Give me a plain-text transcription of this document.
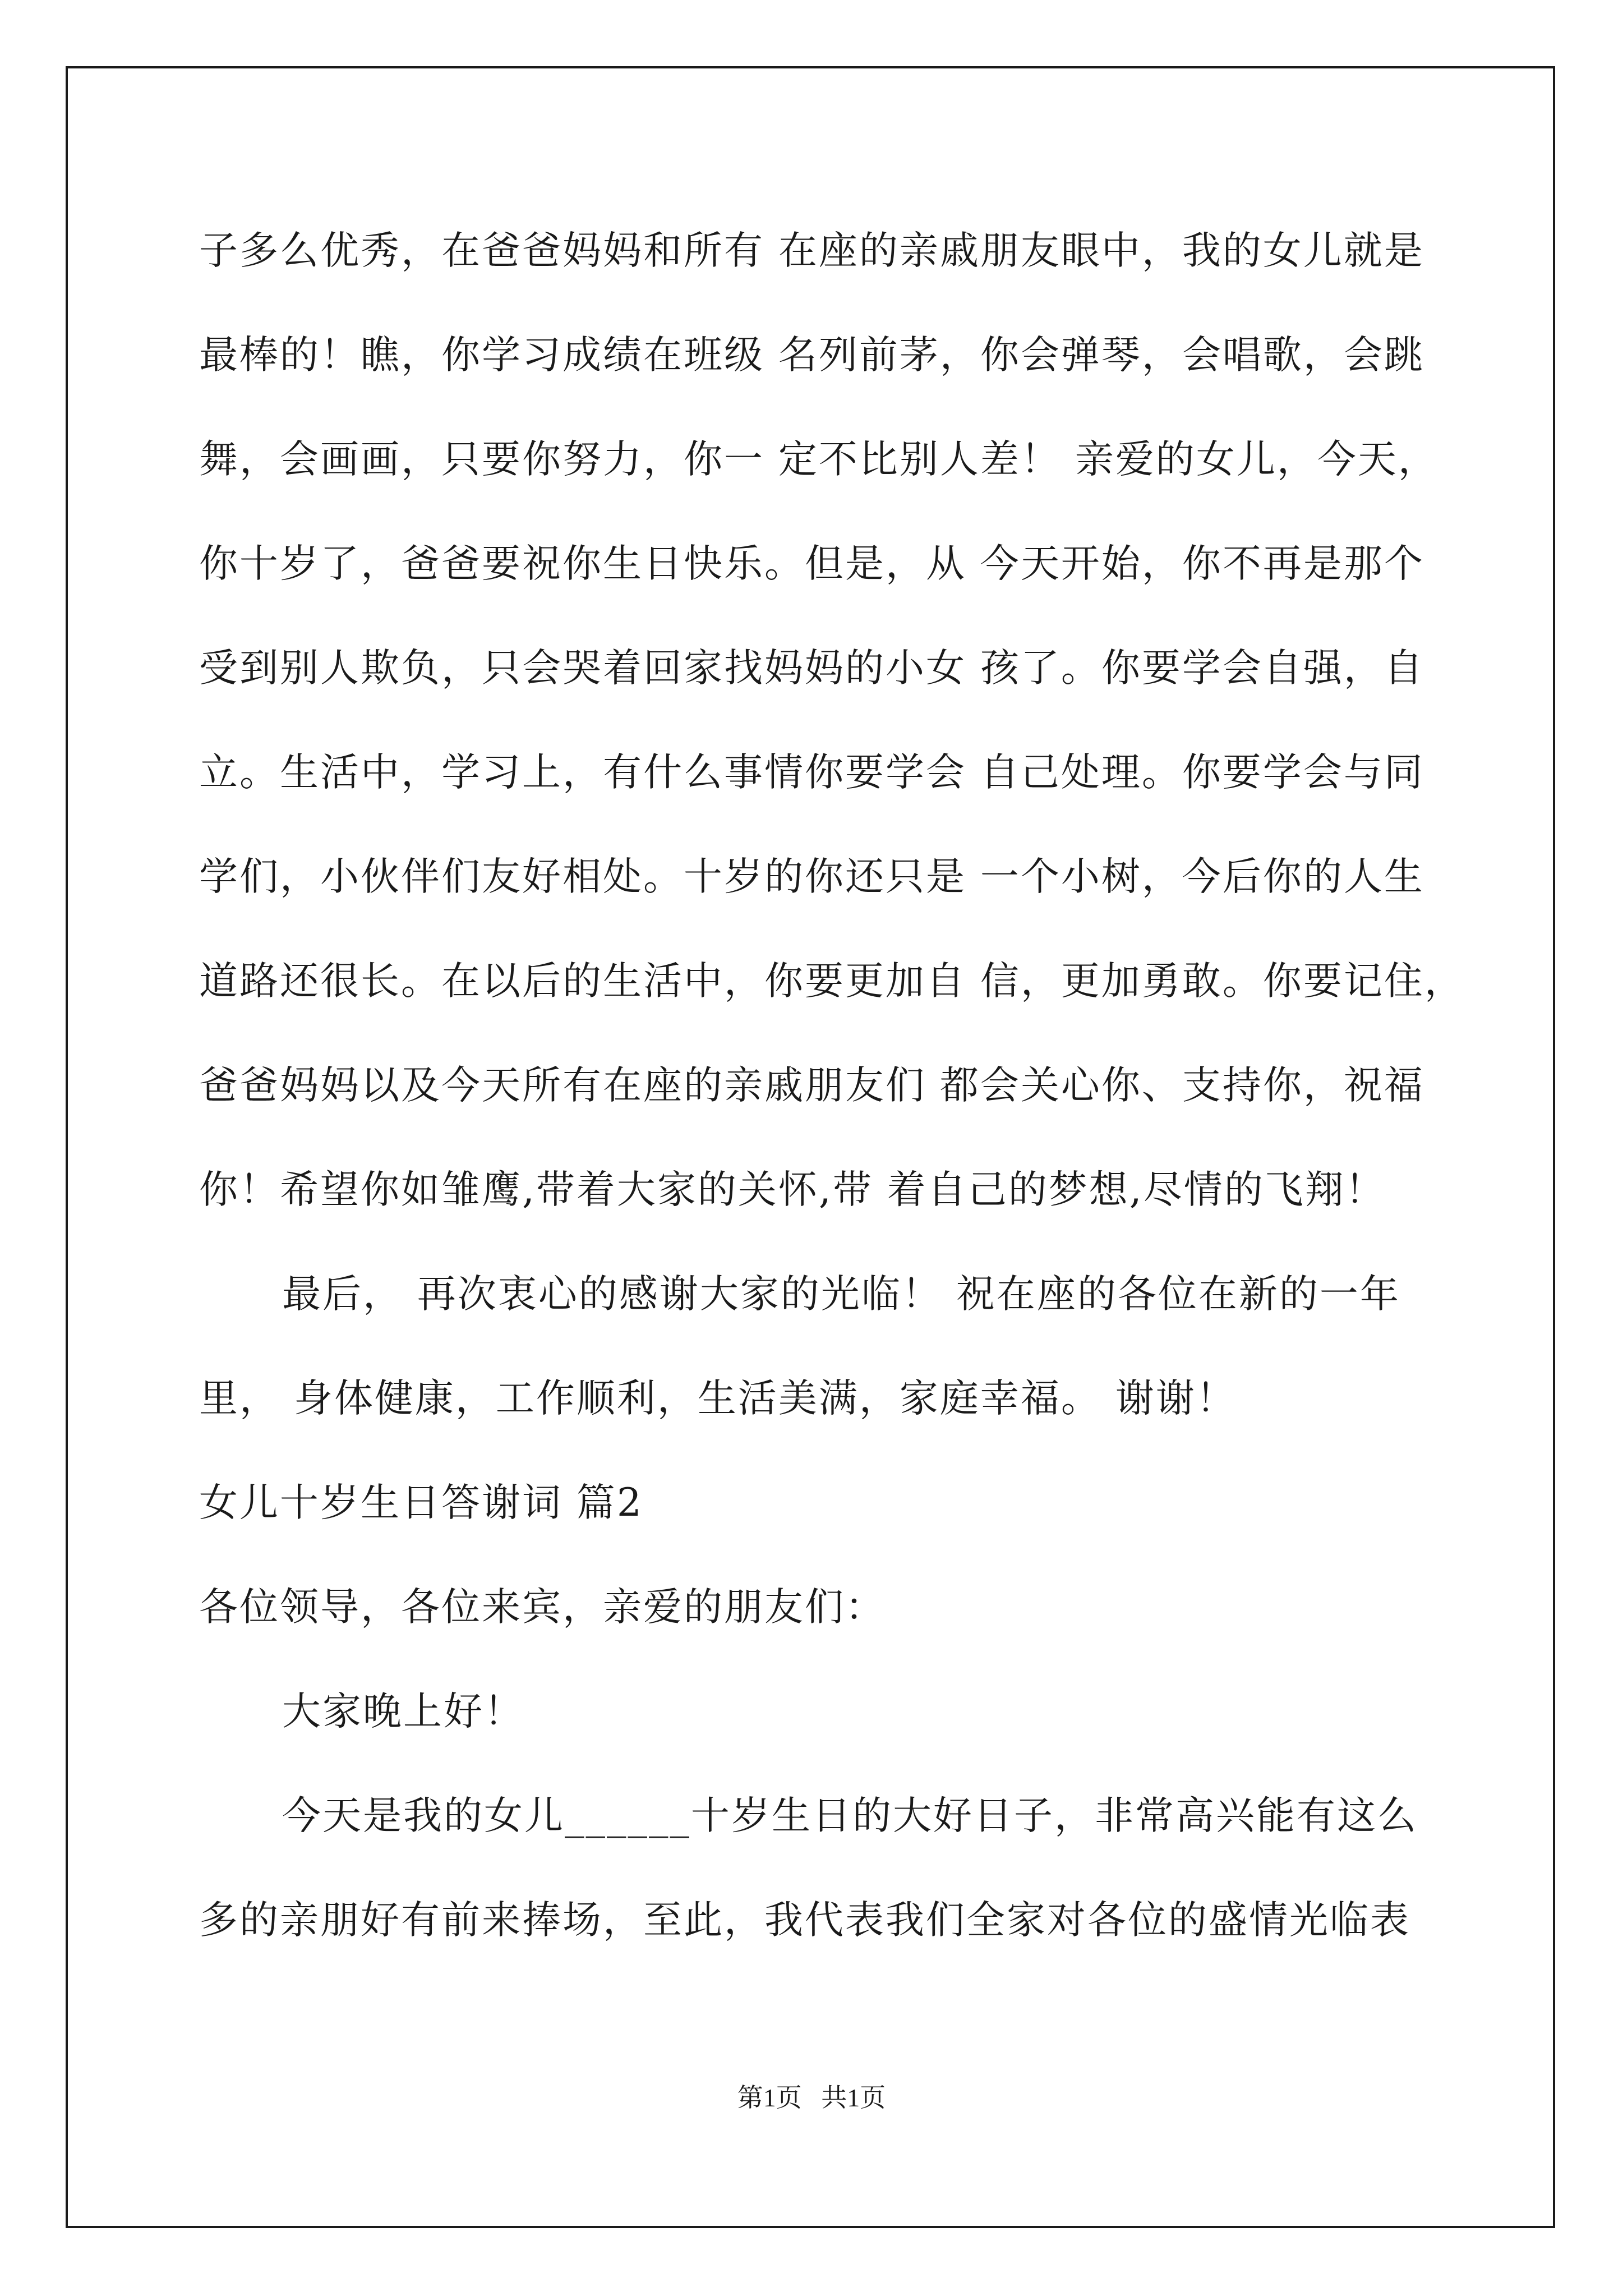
子多么优秀，在爸爸妈妈和所有 在座的亲戚朋友眼中，我的女儿就是
最棒的！瞧，你学习成绩在班级 名列前茅，你会弹琴，会唱歌，会跳
舞，会画画，只要你努力，你一 定不比别人差！ 亲爱的女儿，今天，
你十岁了，爸爸要祝你生日快乐。但是，从 今天开始，你不再是那个
受到别人欺负，只会哭着回家找妈妈的小女 孩了。你要学会自强，自
立。生活中，学习上，有什么事情你要学会 自己处理。你要学会与同
学们，小伙伴们友好相处。十岁的你还只是 一个小树，今后你的人生
道路还很长。在以后的生活中，你要更加自 信，更加勇敢。你要记住，
爸爸妈妈以及今天所有在座的亲戚朋友们 都会关心你、支持你，祝福
你！希望你如雏鹰,带着大家的关怀,带 着自己的梦想,尽情的飞翔！
最后， 再次衷心的感谢大家的光临！ 祝在座的各位在新的一年
里， 身体健康，工作顺利，生活美满，家庭幸福。 谢谢！
女儿十岁生日答谢词 篇2
各位领导，各位来宾，亲爱的朋友们：
大家晚上好！
今天是我的女儿______十岁生日的大好日子，非常高兴能有这么
多的亲朋好有前来捧场，至此，我代表我们全家对各位的盛情光临表
第1页   共1页
